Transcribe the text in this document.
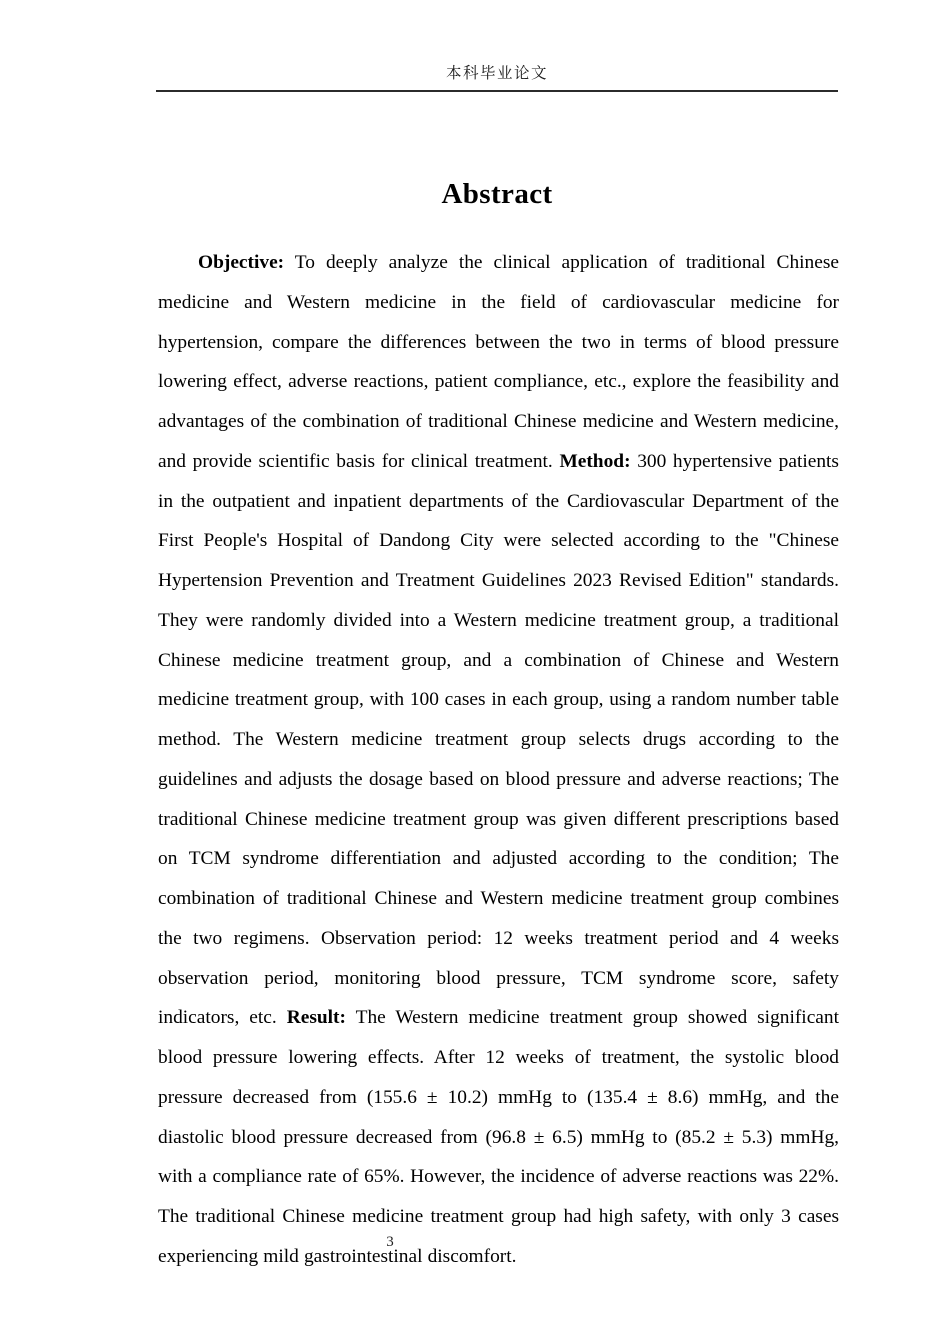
本科毕业论文
Abstract

Objective: To deeply analyze the clinical application of traditional Chinese medicine and Western medicine in the field of cardiovascular medicine for hypertension, compare the differences between the two in terms of blood pressure lowering effect, adverse reactions, patient compliance, etc., explore the feasibility and advantages of the combination of traditional Chinese medicine and Western medicine, and provide scientific basis for clinical treatment. Method: 300 hypertensive patients in the outpatient and inpatient departments of the Cardiovascular Department of the First People's Hospital of Dandong City were selected according to the "Chinese Hypertension Prevention and Treatment Guidelines 2023 Revised Edition" standards. They were randomly divided into a Western medicine treatment group, a traditional Chinese medicine treatment group, and a combination of Chinese and Western medicine treatment group, with 100 cases in each group, using a random number table method. The Western medicine treatment group selects drugs according to the guidelines and adjusts the dosage based on blood pressure and adverse reactions; The traditional Chinese medicine treatment group was given different prescriptions based on TCM syndrome differentiation and adjusted according to the condition; The combination of traditional Chinese and Western medicine treatment group combines the two regimens. Observation period: 12 weeks treatment period and 4 weeks observation period, monitoring blood pressure, TCM syndrome score, safety indicators, etc. Result: The Western medicine treatment group showed significant blood pressure lowering effects. After 12 weeks of treatment, the systolic blood pressure decreased from (155.6 ± 10.2) mmHg to (135.4 ± 8.6) mmHg, and the diastolic blood pressure decreased from (96.8 ± 6.5) mmHg to (85.2 ± 5.3) mmHg, with a compliance rate of 65%. However, the incidence of adverse reactions was 22%. The traditional Chinese medicine treatment group had high safety, with only 3 cases experiencing mild gastrointestinal discomfort.

3
